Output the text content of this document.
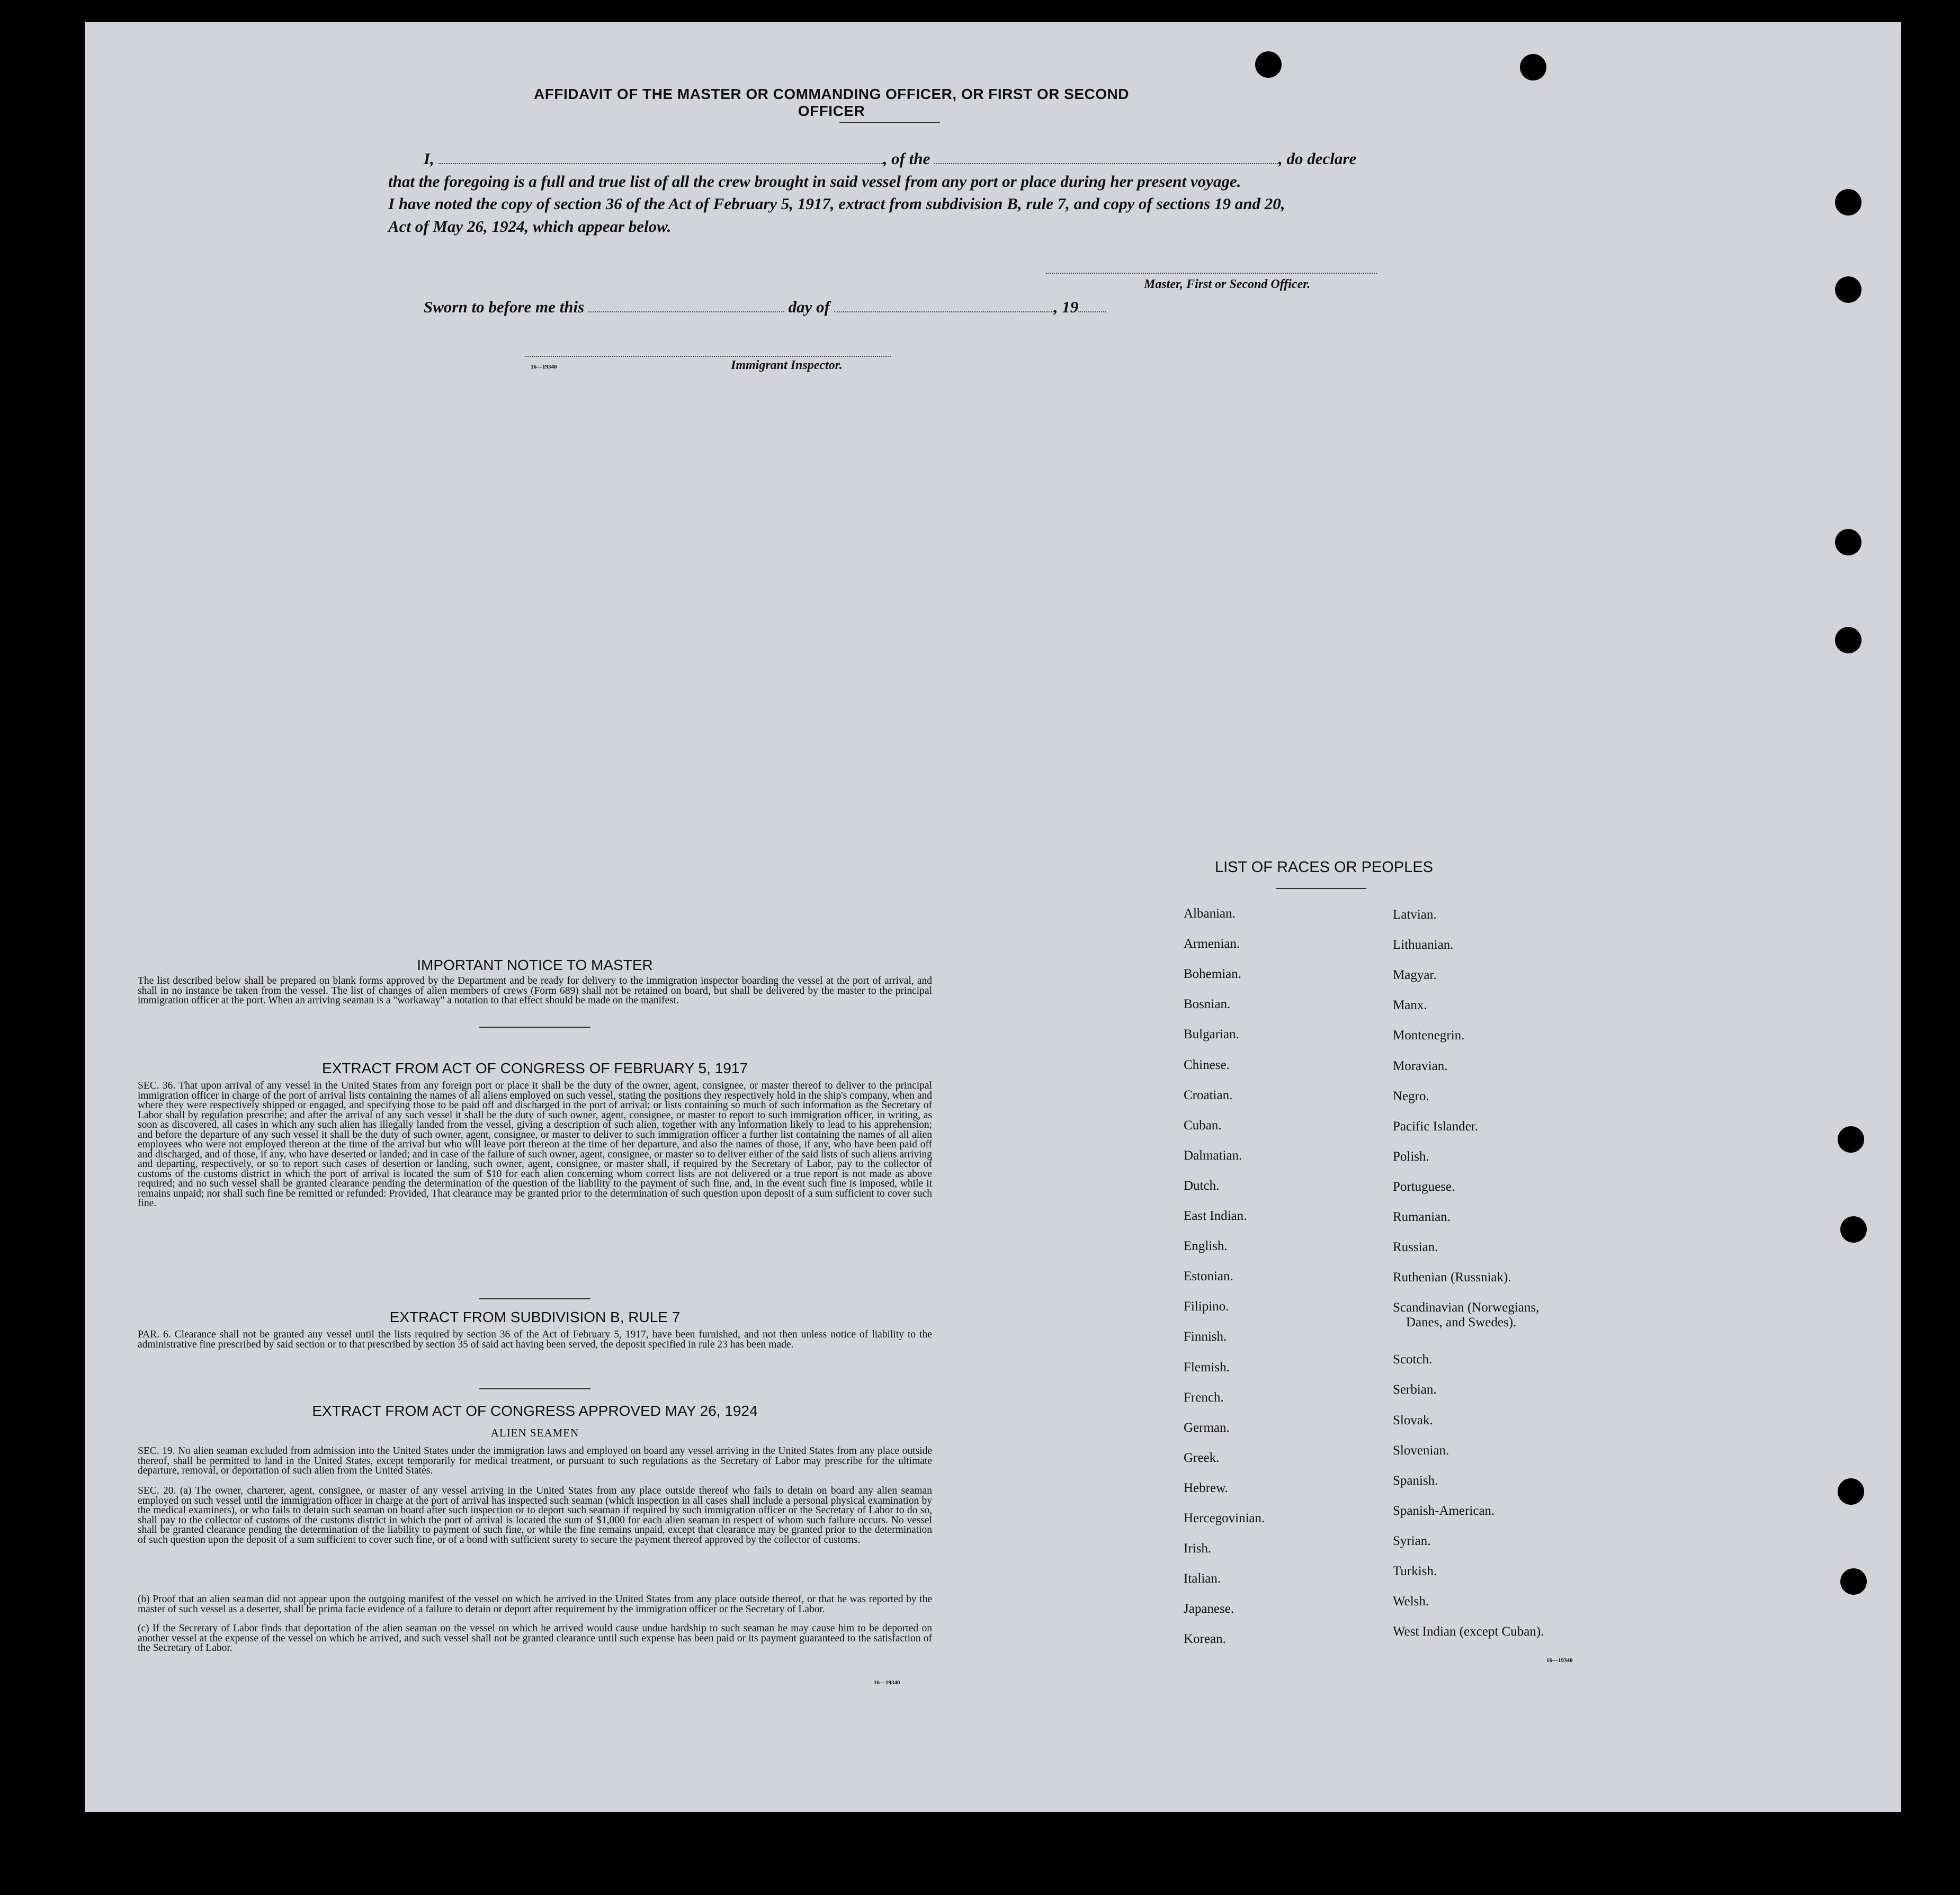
AFFIDAVIT OF THE MASTER OR COMMANDING OFFICER, OR FIRST OR SECOND OFFICER
I,	, of the	, do declare
that the foregoing is a full and true list of all the crew brought in said vessel from any port or place during her present voyage.
I have noted the copy of section 36 of the Act of February 5, 1917, extract from subdivision B, rule 7, and copy of sections 19 and 20,
Act of May 26, 1924, which appear below.
Master, First or Second Officer.
Sworn to before me this	day of	, 19
16—19340	Immigrant Inspector.
IMPORTANT NOTICE TO MASTER
The list described below shall be prepared on blank forms approved by the Department and be ready for delivery to the immigration inspector boarding the vessel at the port of arrival, and shall in no instance be taken from the vessel. The list of changes of alien members of crews (Form 689) shall not be retained on board, but shall be delivered by the master to the principal immigration officer at the port. When an arriving seaman is a "workaway" a notation to that effect should be made on the manifest.
EXTRACT FROM ACT OF CONGRESS OF FEBRUARY 5, 1917
SEC. 36. That upon arrival of any vessel in the United States from any foreign port or place it shall be the duty of the owner, agent, consignee, or master thereof to deliver to the principal immigration officer in charge of the port of arrival lists containing the names of all aliens employed on such vessel, stating the positions they respectively hold in the ship's company, when and where they were respectively shipped or engaged, and specifying those to be paid off and discharged in the port of arrival; or lists containing so much of such information as the Secretary of Labor shall by regulation prescribe; and after the arrival of any such vessel it shall be the duty of such owner, agent, consignee, or master to report to such immigration officer, in writing, as soon as discovered, all cases in which any such alien has illegally landed from the vessel, giving a description of such alien, together with any information likely to lead to his apprehension; and before the departure of any such vessel it shall be the duty of such owner, agent, consignee, or master to deliver to such immigration officer a further list containing the names of all alien employees who were not employed thereon at the time of the arrival but who will leave port thereon at the time of her departure, and also the names of those, if any, who have been paid off and discharged, and of those, if any, who have deserted or landed; and in case of the failure of such owner, agent, consignee, or master so to deliver either of the said lists of such aliens arriving and departing, respectively, or so to report such cases of desertion or landing, such owner, agent, consignee, or master shall, if required by the Secretary of Labor, pay to the collector of customs of the customs district in which the port of arrival is located the sum of $10 for each alien concerning whom correct lists are not delivered or a true report is not made as above required; and no such vessel shall be granted clearance pending the determination of the question of the liability to the payment of such fine, and, in the event such fine is imposed, while it remains unpaid; nor shall such fine be remitted or refunded: Provided, That clearance may be granted prior to the determination of such question upon deposit of a sum sufficient to cover such fine.
EXTRACT FROM SUBDIVISION B, RULE 7
PAR. 6. Clearance shall not be granted any vessel until the lists required by section 36 of the Act of February 5, 1917, have been furnished, and not then unless notice of liability to the administrative fine prescribed by said section or to that prescribed by section 35 of said act having been served, the deposit specified in rule 23 has been made.
EXTRACT FROM ACT OF CONGRESS APPROVED MAY 26, 1924
ALIEN SEAMEN
SEC. 19. No alien seaman excluded from admission into the United States under the immigration laws and employed on board any vessel arriving in the United States from any place outside thereof, shall be permitted to land in the United States, except temporarily for medical treatment, or pursuant to such regulations as the Secretary of Labor may prescribe for the ultimate departure, removal, or deportation of such alien from the United States.
SEC. 20. (a) The owner, charterer, agent, consignee, or master of any vessel arriving in the United States from any place outside thereof who fails to detain on board any alien seaman employed on such vessel until the immigration officer in charge at the port of arrival has inspected such seaman (which inspection in all cases shall include a personal physical examination by the medical examiners), or who fails to detain such seaman on board after such inspection or to deport such seaman if required by such immigration officer or the Secretary of Labor to do so, shall pay to the collector of customs of the customs district in which the port of arrival is located the sum of $1,000 for each alien seaman in respect of whom such failure occurs. No vessel shall be granted clearance pending the determination of the liability to payment of such fine, or while the fine remains unpaid, except that clearance may be granted prior to the determination of such question upon the deposit of a sum sufficient to cover such fine, or of a bond with sufficient surety to secure the payment thereof approved by the collector of customs.
(b) Proof that an alien seaman did not appear upon the outgoing manifest of the vessel on which he arrived in the United States from any place outside thereof, or that he was reported by the master of such vessel as a deserter, shall be prima facie evidence of a failure to detain or deport after requirement by the immigration officer or the Secretary of Labor.
(c) If the Secretary of Labor finds that deportation of the alien seaman on the vessel on which he arrived would cause undue hardship to such seaman he may cause him to be deported on another vessel at the expense of the vessel on which he arrived, and such vessel shall not be granted clearance until such expense has been paid or its payment guaranteed to the satisfaction of the Secretary of Labor.
16—19340
LIST OF RACES OR PEOPLES
16—19340
Albanian.
Armenian.
Bohemian.
Bosnian.
Bulgarian.
Chinese.
Croatian.
Cuban.
Dalmatian.
Dutch.
East Indian.
English.
Estonian.
Filipino.
Finnish.
Flemish.
French.
German.
Greek.
Hebrew.
Hercegovinian.
Irish.
Italian.
Japanese.
Korean.
Latvian.
Lithuanian.
Magyar.
Manx.
Montenegrin.
Moravian.
Negro.
Pacific Islander.
Polish.
Portuguese.
Rumanian.
Russian.
Ruthenian (Russniak).
Scandinavian (Norwegians,
Danes, and Swedes).
Scotch.
Serbian.
Slovak.
Slovenian.
Spanish.
Spanish-American.
Syrian.
Turkish.
Welsh.
West Indian (except Cuban).
